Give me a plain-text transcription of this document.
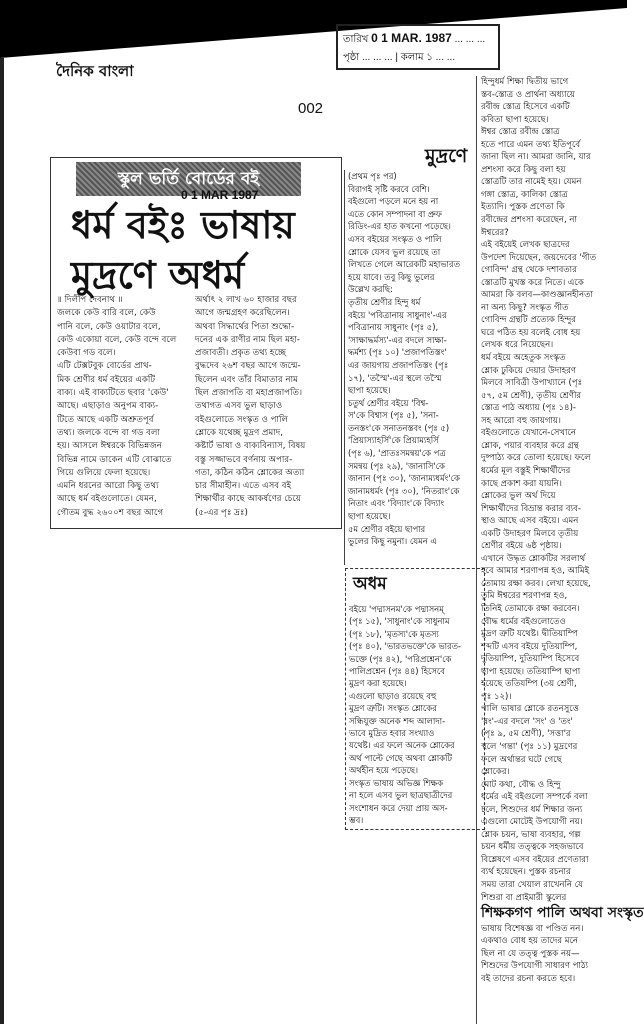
দৈনিক বাংলা
002
তারিখ 0 1 MAR. 1987 ... ... ...
পৃষ্ঠা ... ... ... | কলাম ১ ... ...
স্কুল ভর্তি বোর্ডের বই
0 1 MAR 1987
ধর্ম বইঃ ভাষায়
মুদ্রণে অধর্ম
॥ দিলীপ দেবনাথ ॥
জলকে কেউ বারি বলে, কেউ
পানি বলে, কেউ ওয়াটার বলে,
কেউ একোয়া বলে, কেউ বন্দে বলে
কেউবা গড বলে।
এটি টেক্সটবুক বোর্ডের প্রাথ-
মিক শ্রেণীর ধর্ম বইয়ের একটি
বাক্য। এই বাক্যটিতে ছবার 'কেউ'
আছে। এছাড়াও অনুপম বাক্য-
টিতে আছে একটি অশ্রুতপূর্ব
তথ্য। জলকে বন্দে বা গড বলা
হয়। আসলে ঈশ্বরকে বিভিন্নজন
বিভিন্ন নামে ডাকেন এটি বোঝাতে
গিয়ে গুলিয়ে ফেলা হয়েছে।
এমনি ধরনের আরো কিছু তথ্য
আছে ধর্ম বইগুলোতে। যেমন,
গৌতম বুদ্ধ ২৬০০শ বছর আগে
অর্থাৎ ২ লাখ ৬০ হাজার বছর
আগে জন্মগ্রহণ করেছিলেন।
অথবা সিদ্ধার্থের পিতা শুদ্ধো-
দনের এক রাণীর নাম ছিল মহা-
প্রজাবতী। প্রকৃত তথ্য হচ্ছে
বুদ্ধদেব ২৬শ বছর আগে জন্মে-
ছিলেন এবং তাঁর বিমাতার নাম
ছিল প্রজাপতি বা মহাপ্রজাপতি।
তথাগত এসব ভুল ছাড়াও
বইগুলোতে সংস্কৃত ও পালি
শ্লোকে যথেচ্ছ মুদ্রণ প্রমাদ,
কষ্টার্ট ভাষা ও বাক্যবিন্যাস, বিষয়
বস্তু সজ্জাভবে বর্ণনায় অপার-
গতা, কঠিন কঠিন শ্লোকের অত্যা
চার সীমাহীন। এতে এসব বই
শিক্ষার্থীর কাছে আকর্ষণের চেয়ে
(৫-এর পৃঃ দ্রঃ)
মুদ্রণে
(প্রথম পৃঃ পর)
বিরাগই সৃষ্টি করবে বেশি।
বইগুলো পড়লে মনে হয় না
এতে কোন সম্পাদনা বা প্রুফ
রিডিং-এর হাত কখনো পড়েছে।
এসব বইয়ের সংস্কৃত ও পালি
শ্লোকে যেসব ভুল রয়েছে তা
লিখতে গেলে আরেকটি মহাভারত
হয়ে যাবে। তবু কিছু ভুলের
উল্লেখ করছি:
তৃতীয় শ্রেণীর হিন্দু ধর্ম
বইয়ে 'পবিত্রানায় সাধুনাং'-এর
পবিত্রানায় সাধুনাং (পৃঃ ৫),
'সাক্ষাদ্ধর্মস্য'-এর বদলে সাক্ষা-
দ্ধর্মশ্য (পৃঃ ১০) 'প্রজাপতিস্তং'
এর জায়গায় প্রজাপতিস্তং (পৃঃ
১৭), 'তস্মৈ'-এর স্থলে তস্মৈ
ছাপা হয়েছে।
চতুর্থ শ্রেণীর বইয়ে 'বিশ্ব-
স'কে বিশ্বাস (পৃঃ ৫), 'সনা-
তনস্তং'কে সনাতনস্তবং (পৃঃ ৫)
'প্রিয়াস্যাহর্সি'কে প্রিয়াম্যহর্সি
(পৃঃ ৬), 'প্রাতঃসমন্বয়'কে পত্র
সমন্বয় (পৃঃ ২৯), 'জানাসি'কে
জানান (পৃঃ ৩০), 'জানাম্যধর্মং'কে
জানামধর্মং (পৃঃ ৩০), 'নিতরাং'কে
নিতাং এবং 'বিদ্যাং'কে বিদ্যাং
ছাপা হয়েছে।
৫ম শ্রেণীর বইয়ে ছাপার
ভুলের কিছু নমুনা। যেমন এ
অধম
বইয়ে 'পদ্মাসনম'কে পদ্মাসনম্
(পৃঃ ১৫), 'সাধুনাং'কে সাধুনাম
(পৃঃ ১৮), 'মৃতস্য'কে মৃতস্য
(পৃঃ ৪০), 'ভারতভক্তে'কে ভারত-
ভক্তে (পৃঃ ৪২), 'পরিপ্রশ্নেন'কে
পালিপ্রশ্নেন (পৃঃ ৪৪) হিসেবে
মুদ্রণ করা হয়েছে।
এগুলো ছাড়াও রয়েছে বহু
মুদ্রণ ত্রুটি। সংস্কৃত শ্লোকের
সন্ধিযুক্ত অনেক শব্দ আলাদা-
ভাবে মুদ্রিত হবার সংখ্যাও
যথেষ্ট। এর ফলে অনেক শ্লোকের
অর্থ পাল্টে গেছে অথবা শ্লোকটি
অর্থহীন হয়ে পড়েছে।
সংস্কৃত ভাষায় অভিজ্ঞ শিক্ষক
না হলে এসব ভুল ছাত্রছাত্রীদের
সংশোধন করে দেয়া প্রায় অস-
ম্ভব।
হিন্দুধর্ম শিক্ষা দ্বিতীয় ভাগে
স্তব-স্তোত্র ও প্রার্থনা অধ্যায়ে
রবীন্দ্র স্তোত্র হিসেবে একটি
কবিতা ছাপা হয়েছে।
ঈশ্বর স্তোত্র রবীন্দ্র স্তোত্র
হতে পারে এমন তথ্য ইতিপূর্বে
জানা ছিল না। আমরা জানি, যার
প্রশংসা করে কিছু বলা হয়
স্তোত্রটি তার নামেই হয়। যেমন
গঙ্গা স্তোত্র, কালিকা স্তোত্র
ইত্যাদি। পুস্তক প্রণেতা কি
রবীন্দ্রের প্রশংসা করেছেন, না
ঈশ্বরের?
এই বইয়েই লেখক ছাত্রদের
উপদেশ দিয়েছেন, জয়দেবের 'গীত
গোবিন্দ' গ্রন্থ থেকে দশাবতার
স্তোত্রটি মুখস্ত করে নিতে। একে
আমরা কি বলব—কাণ্ডজ্ঞানহীনতা
না অন্য কিছু? সংস্কৃত গীত
গোবিন্দ গ্রন্থটি প্রত্যেক হিন্দুর
ঘরে পঠিত হয় বলেই বোধ হয়
লেখক ধরে নিয়েছেন।
ধর্ম বইয়ে অহেতুক সংস্কৃত
শ্লোক ঢুকিয়ে দেয়ার উদাহরণ
মিলবে সাবিত্রী উপাখ্যানে (পৃঃ
৫৭, ৫ম শ্রেণী), তৃতীয় শ্রেণীর
স্তোত্র পাঠ অধ্যায় (পৃঃ ১৪)-
সহ আরো বহু জায়গায়।
বইগুলোতে যেখানে-সেখানে
শ্লোক, পয়ার ব্যবহার করে গ্রন্থ
দুষ্পাঠ্য করে তোলা হয়েছে। ফলে
ধর্মের মূল বস্তুই শিক্ষার্থীদের
কাছে প্রকাশ করা যায়নি।
শ্লোকের ভুল অর্থ দিয়ে
শিক্ষার্থীদের বিভ্রান্ত করার ব্যব-
স্থাও আছে এসব বইয়ে। এমন
একটি উদাহরণ মিলবে তৃতীয়
শ্রেণীর বইয়ে ৬ষ্ঠ পৃষ্ঠায়।
এখানে উদ্ধৃত শ্লোকটির সরলার্থ
হবে আমার শরণাপন্ন হও, আমিই
তোমায় রক্ষা করব। লেখা হয়েছে,
তুমি ঈশ্বরের শরণাপন্ন হও,
তিনিই তোমাকে রক্ষা করবেন।
বৌদ্ধ ধর্মের বইগুলোতেও
মুদ্রণ ত্রুটি যথেষ্ট। দ্বীতিয়াম্পি
শব্দটি এসব বইয়ে দুতিয়াম্পি,
দুতিয়াম্পি, দুতিয়াম্পি হিসেবে
ছাপা হয়েছে। ততিয়াম্পি ছাপা
হয়েছে ততিযম্পি (৩য় শ্রেণী,
পৃঃ ১২)।
পালি ভাষার শ্লোকে রতনসুত্তে
'ষং'-এর বদলে 'সং' ও 'তং'
(পৃঃ ৯, ৫ম শ্রেণী), 'সত্তা'র
স্থলে 'গন্তা' (পৃঃ ১১) মুদ্রণের
ফলে অর্থান্তর ঘটে গেছে
শ্লোকের।
মোট কথা, বৌদ্ধ ও হিন্দু
ধর্মের এই বইগুলো সম্পর্কে বলা
চলে, শিশুদের ধর্ম শিক্ষার জন্য
এগুলো মোটেই উপযোগী নয়।
শ্লোক চয়ন, ভাষা ব্যবহার, গল্প
চয়ন ধর্মীয় তত্ত্বকে সহজভাবে
বিশ্লেষণে এসব বইয়ের প্রণেতারা
ব্যর্থ হয়েছেন। পুস্তক রচনার
সময় তারা খেয়াল রাখেননি যে
শিশুরা বা প্রাইমারী স্কুলের
শিক্ষকগণ পালি অথবা সংস্কৃত
ভাষায় বিশেষজ্ঞ বা পণ্ডিত নন।
একথাও বোধ হয় তাদের মনে
ছিল না যে তত্ত্ব পুস্তক নয়—
শিশুদের উপযোগী সাধারণ পাঠ্য
বই তাদের রচনা করতে হবে।
